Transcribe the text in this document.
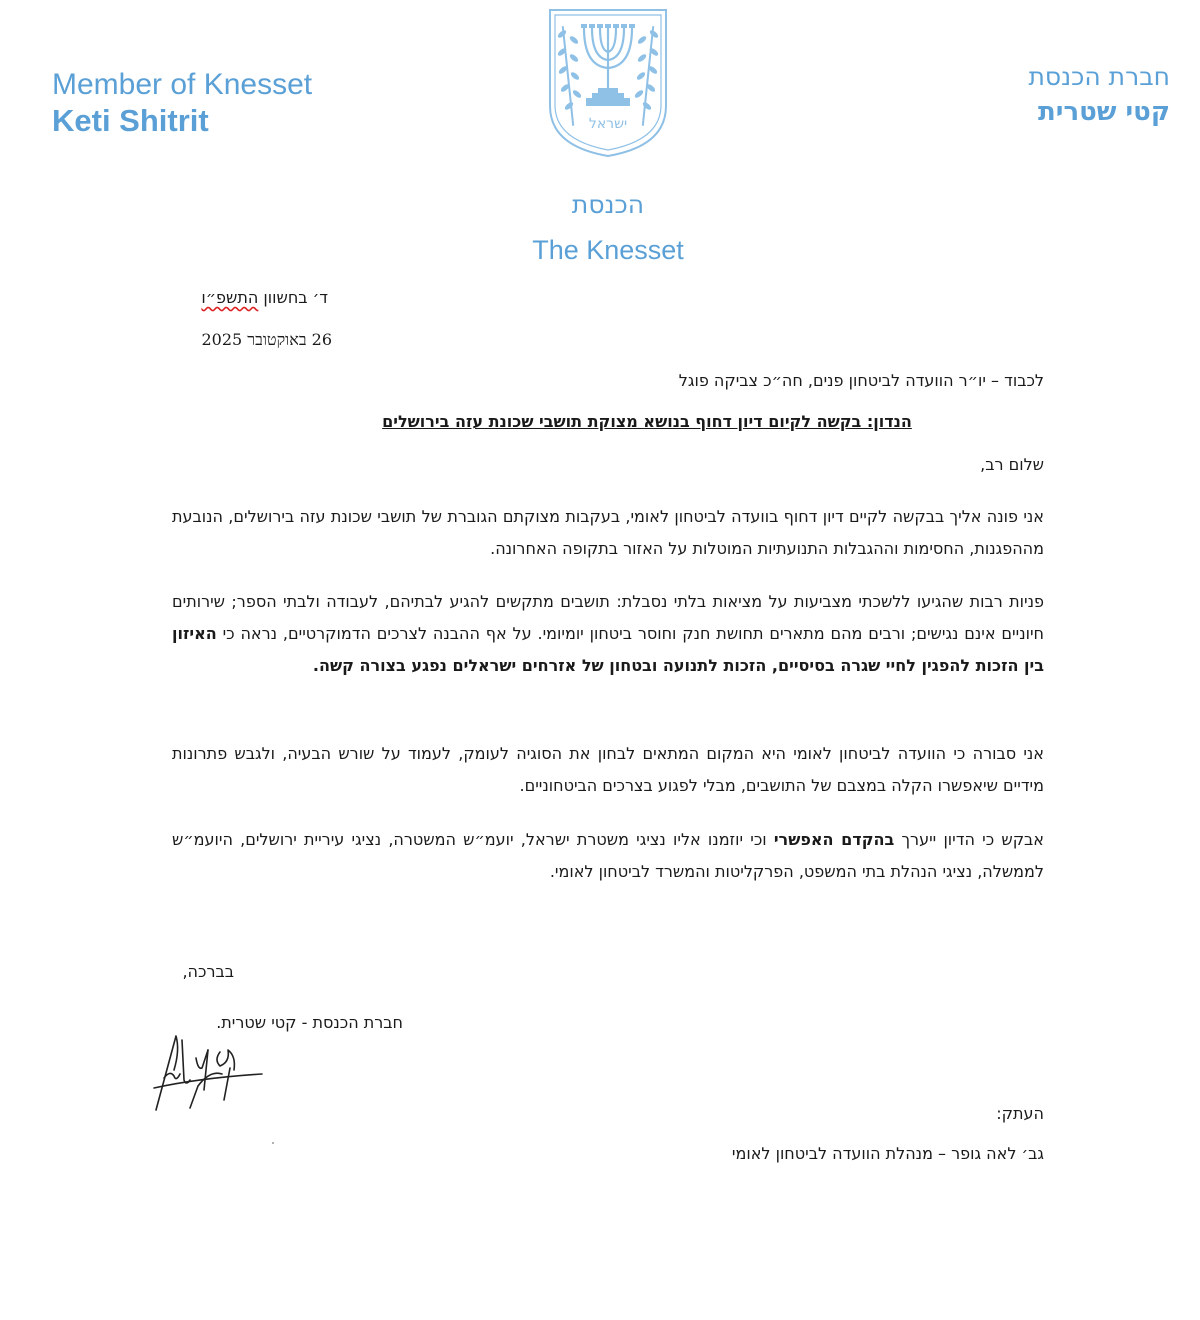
Member of Knesset
Keti Shitrit
חברת הכנסת
קטי שטרית
ישראל
הכנסת
The Knesset
ד׳ בחשוון התשפ״ו
26 באוקטובר 2025
לכבוד – יו״ר הוועדה לביטחון פנים, חה״כ צביקה פוגל
הנדון: בקשה לקיום דיון דחוף בנושא מצוקת תושבי שכונת עזה בירושלים
שלום רב,
אני פונה אליך בבקשה לקיים דיון דחוף בוועדה לביטחון לאומי, בעקבות מצוקתם הגוברת של תושבי שכונת עזה בירושלים, הנובעת מההפגנות, החסימות וההגבלות התנועתיות המוטלות על האזור בתקופה האחרונה.
פניות רבות שהגיעו ללשכתי מצביעות על מציאות בלתי נסבלת: תושבים מתקשים להגיע לבתיהם, לעבודה ולבתי הספר; שירותים חיוניים אינם נגישים; ורבים מהם מתארים תחושת חנק וחוסר ביטחון יומיומי. על אף ההבנה לצרכים הדמוקרטיים, נראה כי האיזון בין הזכות להפגין לחיי שגרה בסיסיים, הזכות לתנועה ובטחון של אזרחים ישראלים נפגע בצורה קשה.
אני סבורה כי הוועדה לביטחון לאומי היא המקום המתאים לבחון את הסוגיה לעומק, לעמוד על שורש הבעיה, ולגבש פתרונות מידיים שיאפשרו הקלה במצבם של התושבים, מבלי לפגוע בצרכים הביטחוניים.
אבקש כי הדיון ייערך בהקדם האפשרי וכי יוזמנו אליו נציגי משטרת ישראל, יועמ״ש המשטרה, נציגי עיריית ירושלים, היועמ״ש לממשלה, נציגי הנהלת בתי המשפט, הפרקליטות והמשרד לביטחון לאומי.
בברכה,
חברת הכנסת - קטי שטרית.
העתק:
גב׳ לאה גופר – מנהלת הוועדה לביטחון לאומי
